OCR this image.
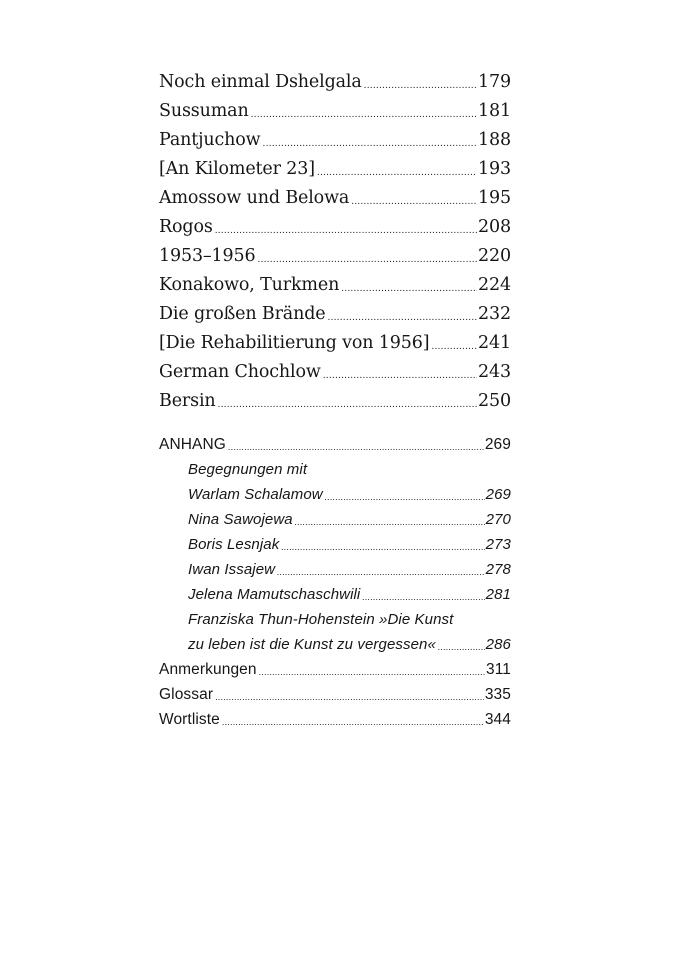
Noch einmal Dshelgala .....	179
Sussuman .....	181
Pantjuchow .....	188
[An Kilometer 23] .....	193
Amossow und Belowa .....	195
Rogos .....	208
1953–1956 .....	220
Konakowo, Turkmen .....	224
Die großen Brände .....	232
[Die Rehabilitierung von 1956] .....	241
German Chochlow .....	243
Bersin .....	250
ANHANG .....	269
Begegnungen mit
Warlam Schalamow .....	269
Nina Sawojewa .....	270
Boris Lesnjak .....	273
Iwan Issajew .....	278
Jelena Mamutschaschwili .....	281
Franziska Thun-Hohenstein »Die Kunst
zu leben ist die Kunst zu vergessen« .....	286
Anmerkungen .....	311
Glossar .....	335
Wortliste .....	344
